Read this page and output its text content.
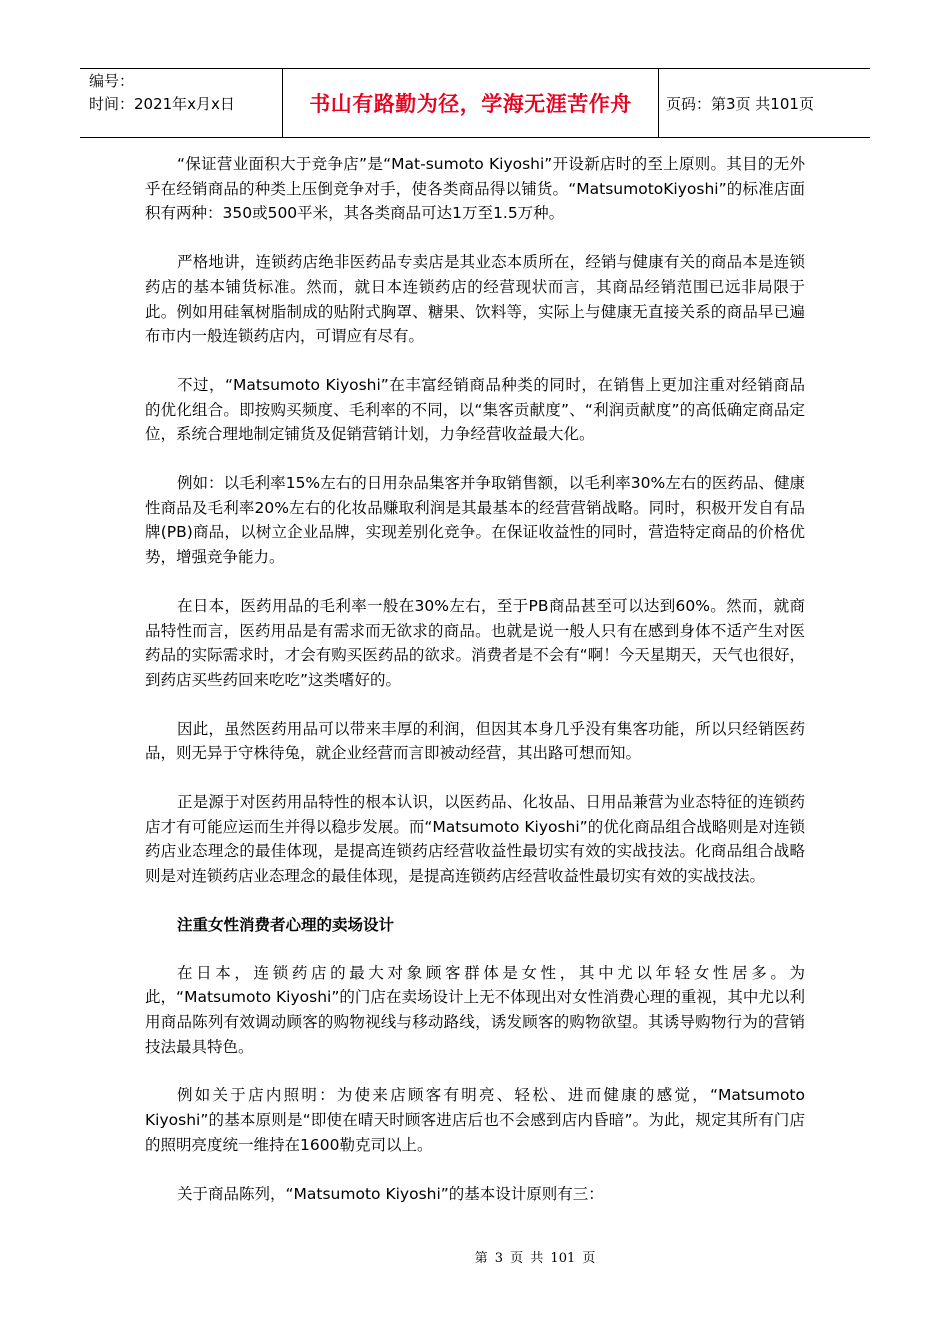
编号：
时间：2021年x月x日	书山有路勤为径，学海无涯苦作舟	页码：第3页 共101页

“保证营业面积大于竞争店”是“Mat-sumoto Kiyoshi”开设新店时的至上原则。其目的无外乎在经销商品的种类上压倒竞争对手，使各类商品得以铺货。“MatsumotoKiyoshi”的标准店面积有两种：350或500平米，其各类商品可达1万至1.5万种。

严格地讲，连锁药店绝非医药品专卖店是其业态本质所在，经销与健康有关的商品本是连锁药店的基本铺货标准。然而，就日本连锁药店的经营现状而言，其商品经销范围已远非局限于此。例如用硅氧树脂制成的贴附式胸罩、糖果、饮料等，实际上与健康无直接关系的商品早已遍布市内一般连锁药店内，可谓应有尽有。

不过，“Matsumoto Kiyoshi”在丰富经销商品种类的同时，在销售上更加注重对经销商品的优化组合。即按购买频度、毛利率的不同，以“集客贡献度”、“利润贡献度”的高低确定商品定位，系统合理地制定铺货及促销营销计划，力争经营收益最大化。

例如：以毛利率15%左右的日用杂品集客并争取销售额，以毛利率30%左右的医药品、健康性商品及毛利率20%左右的化妆品赚取利润是其最基本的经营营销战略。同时，积极开发自有品牌(PB)商品，以树立企业品牌，实现差别化竞争。在保证收益性的同时，营造特定商品的价格优势，增强竞争能力。

在日本，医药用品的毛利率一般在30%左右，至于PB商品甚至可以达到60%。然而，就商品特性而言，医药用品是有需求而无欲求的商品。也就是说一般人只有在感到身体不适产生对医药品的实际需求时，才会有购买医药品的欲求。消费者是不会有“啊！今天星期天，天气也很好，到药店买些药回来吃吃”这类嗜好的。

因此，虽然医药用品可以带来丰厚的利润，但因其本身几乎没有集客功能，所以只经销医药品，则无异于守株待兔，就企业经营而言即被动经营，其出路可想而知。

正是源于对医药用品特性的根本认识，以医药品、化妆品、日用品兼营为业态特征的连锁药店才有可能应运而生并得以稳步发展。而“Matsumoto Kiyoshi”的优化商品组合战略则是对连锁药店业态理念的最佳体现，是提高连锁药店经营收益性最切实有效的实战技法。化商品组合战略则是对连锁药店业态理念的最佳体现，是提高连锁药店经营收益性最切实有效的实战技法。

注重女性消费者心理的卖场设计

在日本，连锁药店的最大对象顾客群体是女性，其中尤以年轻女性居多。为此，“Matsumoto Kiyoshi”的门店在卖场设计上无不体现出对女性消费心理的重视，其中尤以利用商品陈列有效调动顾客的购物视线与移动路线，诱发顾客的购物欲望。其诱导购物行为的营销技法最具特色。

例如关于店内照明：为使来店顾客有明亮、轻松、进而健康的感觉，“Matsumoto Kiyoshi”的基本原则是“即使在晴天时顾客进店后也不会感到店内昏暗”。为此，规定其所有门店的照明亮度统一维持在1600勒克司以上。

关于商品陈列，“Matsumoto Kiyoshi”的基本设计原则有三：

第 3 页 共 101 页
